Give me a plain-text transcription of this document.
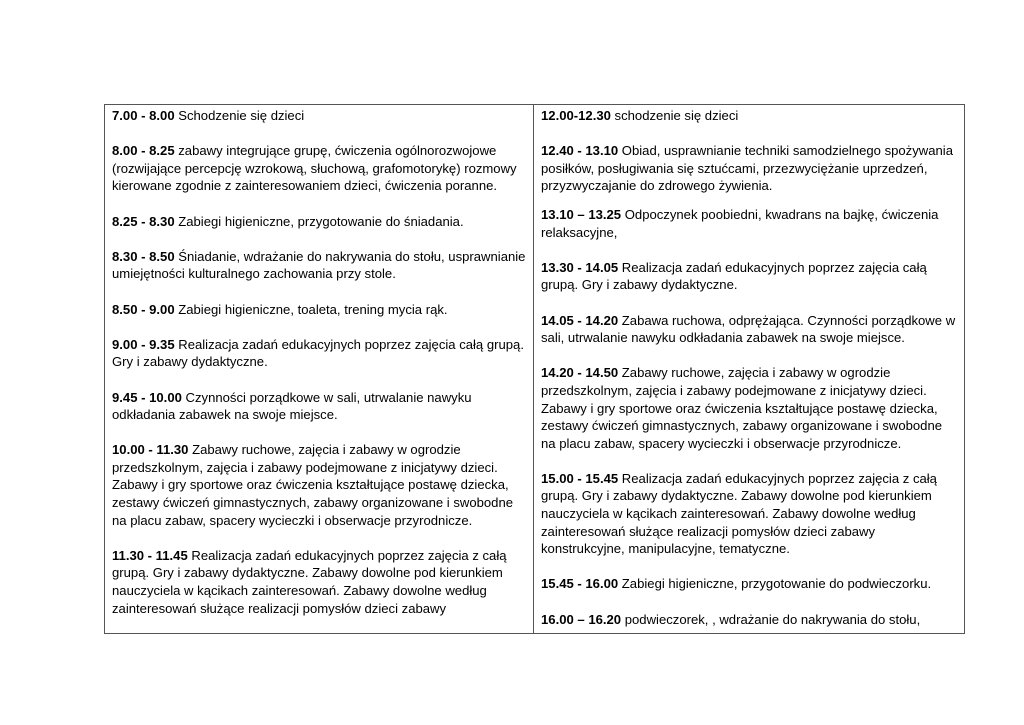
7.00 - 8.00 Schodzenie się dzieci

8.00 - 8.25 zabawy integrujące grupę, ćwiczenia ogólnorozwojowe (rozwijające percepcję wzrokową, słuchową, grafomotorykę) rozmowy kierowane zgodnie z zainteresowaniem dzieci, ćwiczenia poranne.

8.25 - 8.30 Zabiegi higieniczne, przygotowanie do śniadania.

8.30 - 8.50 Śniadanie, wdrażanie do nakrywania do stołu, usprawnianie umiejętności kulturalnego zachowania przy stole.

8.50 - 9.00 Zabiegi higieniczne, toaleta, trening mycia rąk.

9.00 - 9.35 Realizacja zadań edukacyjnych poprzez zajęcia całą grupą. Gry i zabawy dydaktyczne.

9.45 - 10.00 Czynności porządkowe w sali, utrwalanie nawyku odkładania zabawek na swoje miejsce.

10.00 - 11.30 Zabawy ruchowe, zajęcia i zabawy w ogrodzie przedszkolnym, zajęcia i zabawy podejmowane z inicjatywy dzieci. Zabawy i gry sportowe oraz ćwiczenia kształtujące postawę dziecka, zestawy ćwiczeń gimnastycznych, zabawy organizowane i swobodne na placu zabaw, spacery wycieczki i obserwacje przyrodnicze.

11.30 - 11.45 Realizacja zadań edukacyjnych poprzez zajęcia z całą grupą. Gry i zabawy dydaktyczne. Zabawy dowolne pod kierunkiem nauczyciela w kącikach zainteresowań. Zabawy dowolne według zainteresowań służące realizacji pomysłów dzieci zabawy

12.00-12.30 schodzenie się dzieci

12.40 - 13.10 Obiad, usprawnianie techniki samodzielnego spożywania posiłków, posługiwania się sztućcami, przezwyciężanie uprzedzeń, przyzwyczajanie do zdrowego żywienia.

13.10 – 13.25 Odpoczynek poobiedni, kwadrans na bajkę, ćwiczenia relaksacyjne,

13.30 - 14.05 Realizacja zadań edukacyjnych poprzez zajęcia całą grupą. Gry i zabawy dydaktyczne.

14.05 - 14.20 Zabawa ruchowa, odprężająca. Czynności porządkowe w sali, utrwalanie nawyku odkładania zabawek na swoje miejsce.

14.20 - 14.50 Zabawy ruchowe, zajęcia i zabawy w ogrodzie przedszkolnym, zajęcia i zabawy podejmowane z inicjatywy dzieci. Zabawy i gry sportowe oraz ćwiczenia kształtujące postawę dziecka, zestawy ćwiczeń gimnastycznych, zabawy organizowane i swobodne na placu zabaw, spacery wycieczki i obserwacje przyrodnicze.

15.00 - 15.45 Realizacja zadań edukacyjnych poprzez zajęcia z całą grupą. Gry i zabawy dydaktyczne. Zabawy dowolne pod kierunkiem nauczyciela w kącikach zainteresowań. Zabawy dowolne według zainteresowań służące realizacji pomysłów dzieci zabawy konstrukcyjne, manipulacyjne, tematyczne.

15.45 - 16.00 Zabiegi higieniczne, przygotowanie do podwieczorku.

16.00 – 16.20 podwieczorek, , wdrażanie do nakrywania do stołu,
